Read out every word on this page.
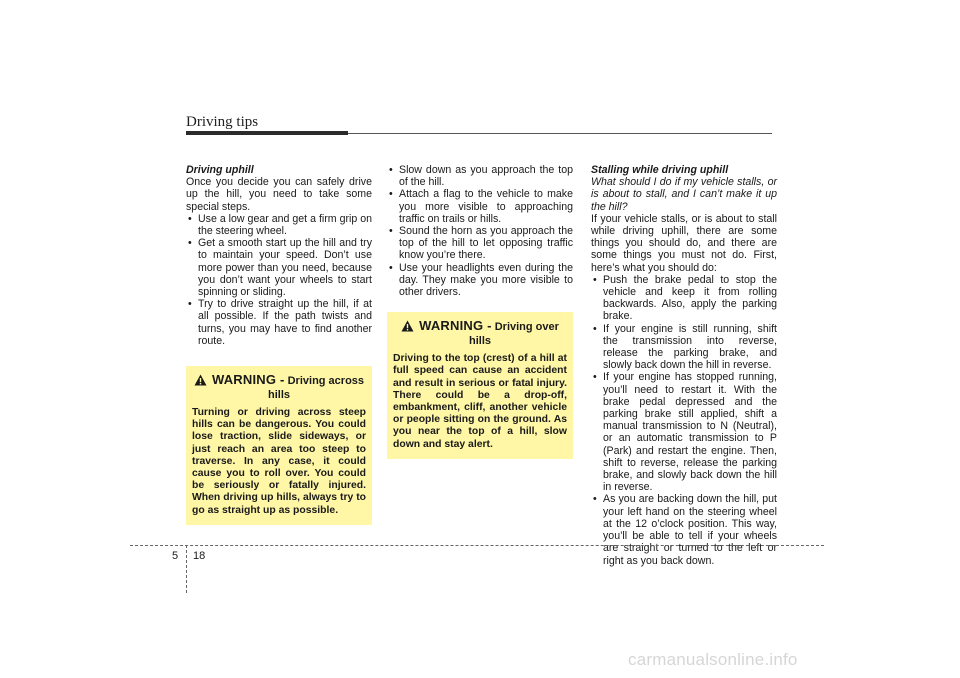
Driving tips
Driving uphill

Once you decide you can safely drive up the hill, you need to take some special steps.

• Use a low gear and get a firm grip on the steering wheel.
• Get a smooth start up the hill and try to maintain your speed. Don’t use more power than you need, because you don’t want your wheels to start spinning or sliding.
• Try to drive straight up the hill, if at all possible. If the path twists and turns, you may have to find another route.
WARNING - Driving across
hills
Turning or driving across steep hills can be dangerous. You could lose traction, slide sideways, or just reach an area too steep to traverse. In any case, it could cause you to roll over. You could be seriously or fatally injured. When driving up hills, always try to go as straight up as possible.
• Slow down as you approach the top of the hill.
• Attach a flag to the vehicle to make you more visible to approaching traffic on trails or hills.
• Sound the horn as you approach the top of the hill to let opposing traffic know you’re there.
• Use your headlights even during the day. They make you more visible to other drivers.
WARNING - Driving over
hills
Driving to the top (crest) of a hill at full speed can cause an accident and result in serious or fatal injury. There could be a drop-off, embankment, cliff, another vehicle or people sitting on the ground. As you near the top of a hill, slow down and stay alert.
Stalling while driving uphill

What should I do if my vehicle stalls, or is about to stall, and I can’t make it up the hill?

If your vehicle stalls, or is about to stall while driving uphill, there are some things you should do, and there are some things you must not do. First, here’s what you should do:

• Push the brake pedal to stop the vehicle and keep it from rolling backwards. Also, apply the parking brake.
• If your engine is still running, shift the transmission into reverse, release the parking brake, and slowly back down the hill in reverse.
• If your engine has stopped running, you’ll need to restart it. With the brake pedal depressed and the parking brake still applied, shift a manual transmission to N (Neutral), or an automatic transmission to P (Park) and restart the engine. Then, shift to reverse, release the parking brake, and slowly back down the hill in reverse.
• As you are backing down the hill, put your left hand on the steering wheel at the 12 o’clock position. This way, you’ll be able to tell if your wheels are straight or turned to the left or right as you back down.
5 18
carmanualsonline.info
